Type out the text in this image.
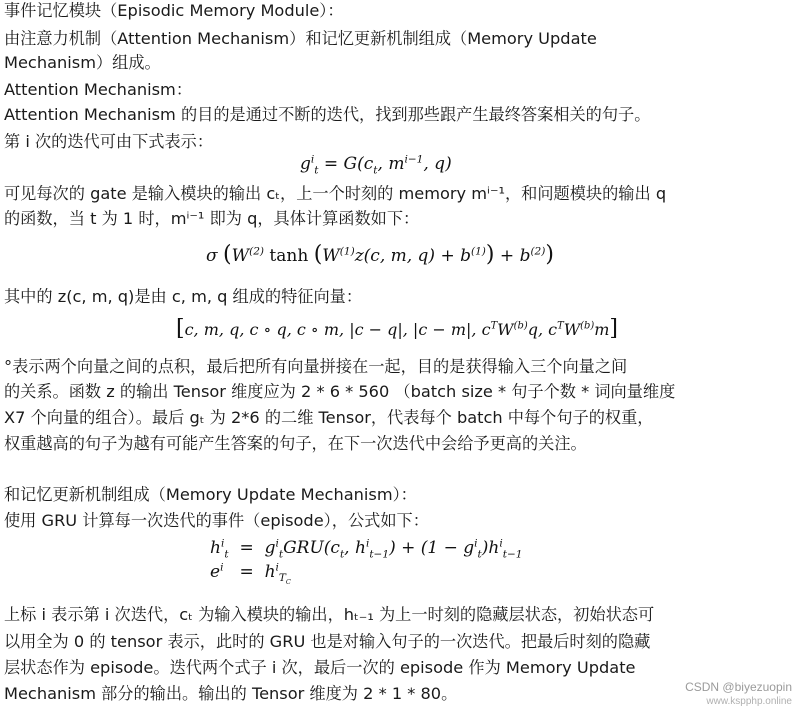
事件记忆模块（Episodic Memory Module）：
由注意力机制（Attention Mechanism）和记忆更新机制组成（Memory Update
Mechanism）组成。
Attention Mechanism：
Attention Mechanism 的目的是通过不断的迭代，找到那些跟产生最终答案相关的句子。
第 i 次的迭代可由下式表示：
$g^i_t = G(c_t$, $m^{i-1}$, q)
可见每次的 gate 是输入模块的输出 cₜ，上一个时刻的 memory mⁱ⁻¹，和问题模块的输出 q
的函数，当 t 为 1 时，mⁱ⁻¹ 即为 q，具体计算函数如下：
σ ($W^{(2)}$ $\tanh (W^{(1)}z(c$, m, $q) + b^{(1)}) + b^{(2)}$)
其中的 z(c, m, q)是由 c, m, q 组成的特征向量：
[c, m, q, c ∘ q, c ∘ m, |c − q|, |c − m|, $c^TW^{(b)}q$, $c^TW^{(b)}m$]
°表示两个向量之间的点积，最后把所有向量拼接在一起，目的是获得输入三个向量之间
的关系。函数 z 的输出 Tensor 维度应为 2 * 6 * 560 （batch size * 句子个数 * 词向量维度
X7 个向量的组合）。最后 gₜ 为 2*6 的二维 Tensor，代表每个 batch 中每个句子的权重，
权重越高的句子为越有可能产生答案的句子，在下一次迭代中会给予更高的关注。
和记忆更新机制组成（Memory Update Mechanism）：
使用 GRU 计算每一次迭代的事件（episode），公式如下：
$h^i_t = g^i_tGRU(c_t$, $h^i_{t-1}) + (1 - g^i_t)h^i_{t-1}$
$e^i = h^i_{T_C}$
上标 i 表示第 i 次迭代，cₜ 为输入模块的输出，hₜ₋₁ 为上一时刻的隐藏层状态，初始状态可
以用全为 0 的 tensor 表示，此时的 GRU 也是对输入句子的一次迭代。把最后时刻的隐藏
层状态作为 episode。迭代两个式子 i 次，最后一次的 episode 作为 Memory Update
Mechanism 部分的输出。输出的 Tensor 维度为 2 * 1 * 80。	CSDN @biyezuopin
www.kspphp.online
